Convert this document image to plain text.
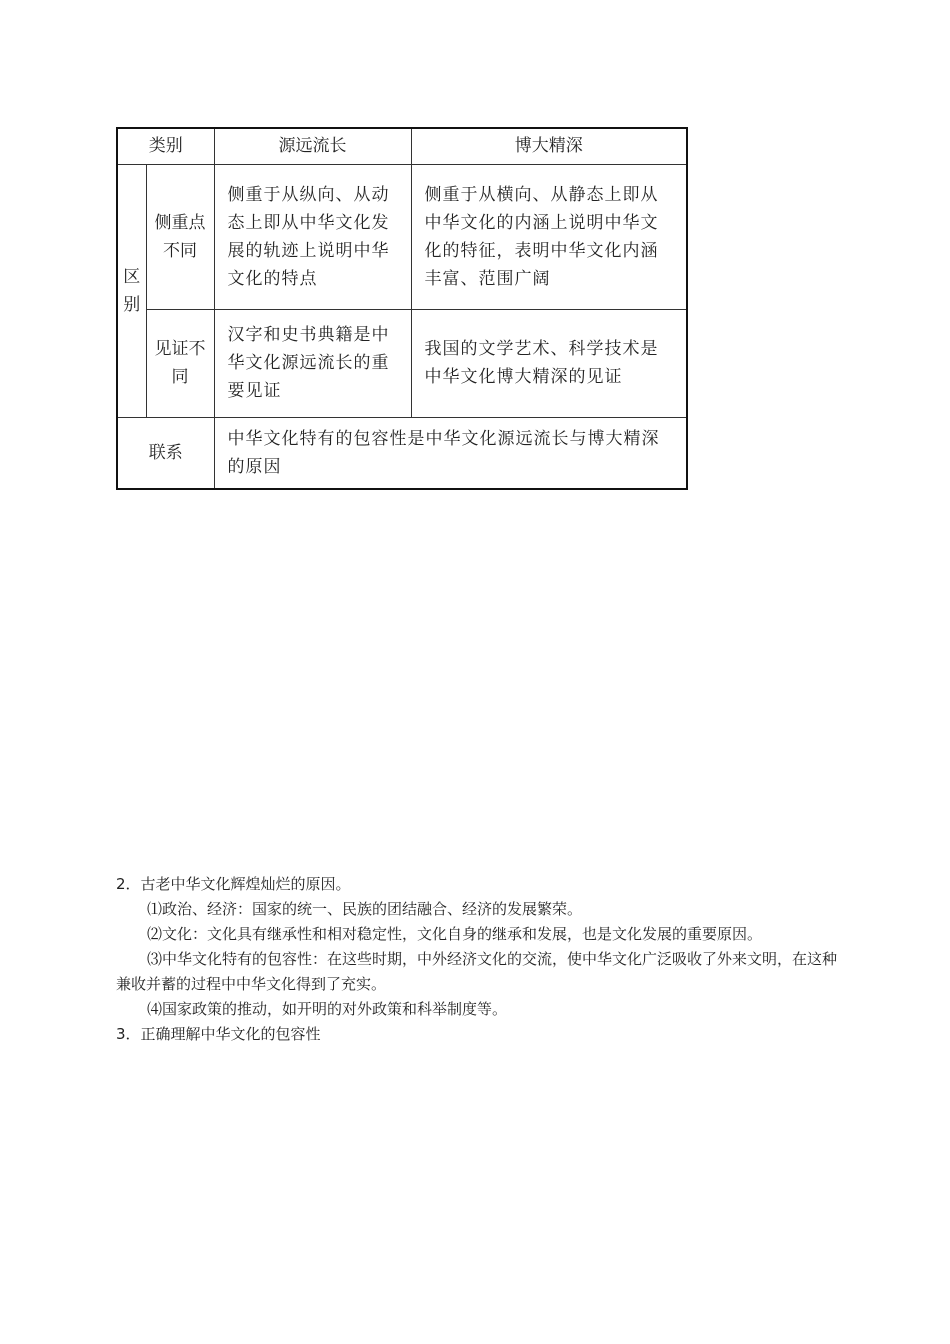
类别		源远流长	博大精深
区别	侧重点不同	侧重于从纵向、从动态上即从中华文化发展的轨迹上说明中华文化的特点	侧重于从横向、从静态上即从中华文化的内涵上说明中华文化的特征，表明中华文化内涵丰富、范围广阔
	见证不同	汉字和史书典籍是中华文化源远流长的重要见证	我国的文学艺术、科学技术是中华文化博大精深的见证
联系		中华文化特有的包容性是中华文化源远流长与博大精深的原因	

2．古老中华文化辉煌灿烂的原因。

⑴政治、经济：国家的统一、民族的团结融合、经济的发展繁荣。

⑵文化：文化具有继承性和相对稳定性，文化自身的继承和发展，也是文化发展的重要原因。

⑶中华文化特有的包容性：在这些时期，中外经济文化的交流，使中华文化广泛吸收了外来文明，在这种兼收并蓄的过程中中华文化得到了充实。

⑷国家政策的推动，如开明的对外政策和科举制度等。

3．正确理解中华文化的包容性
